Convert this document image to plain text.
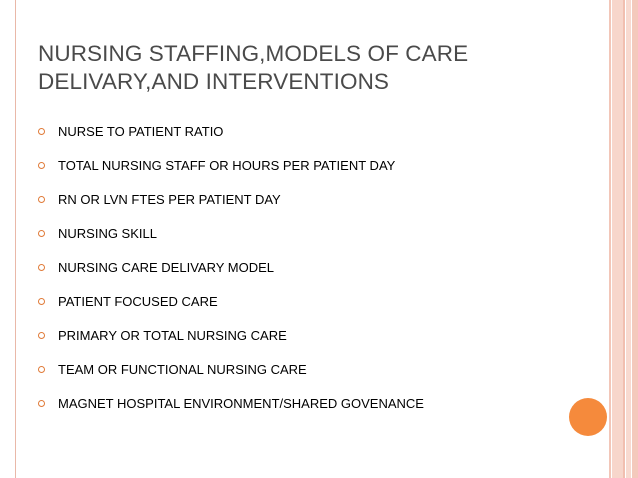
NURSING STAFFING,MODELS OF CARE
DELIVARY,AND INTERVENTIONS
NURSE TO PATIENT RATIO
TOTAL NURSING STAFF OR HOURS PER PATIENT DAY
RN OR LVN FTES PER PATIENT DAY
NURSING SKILL
NURSING CARE DELIVARY MODEL
PATIENT FOCUSED CARE
PRIMARY OR TOTAL NURSING CARE
TEAM OR FUNCTIONAL NURSING CARE
MAGNET HOSPITAL ENVIRONMENT/SHARED GOVENANCE
